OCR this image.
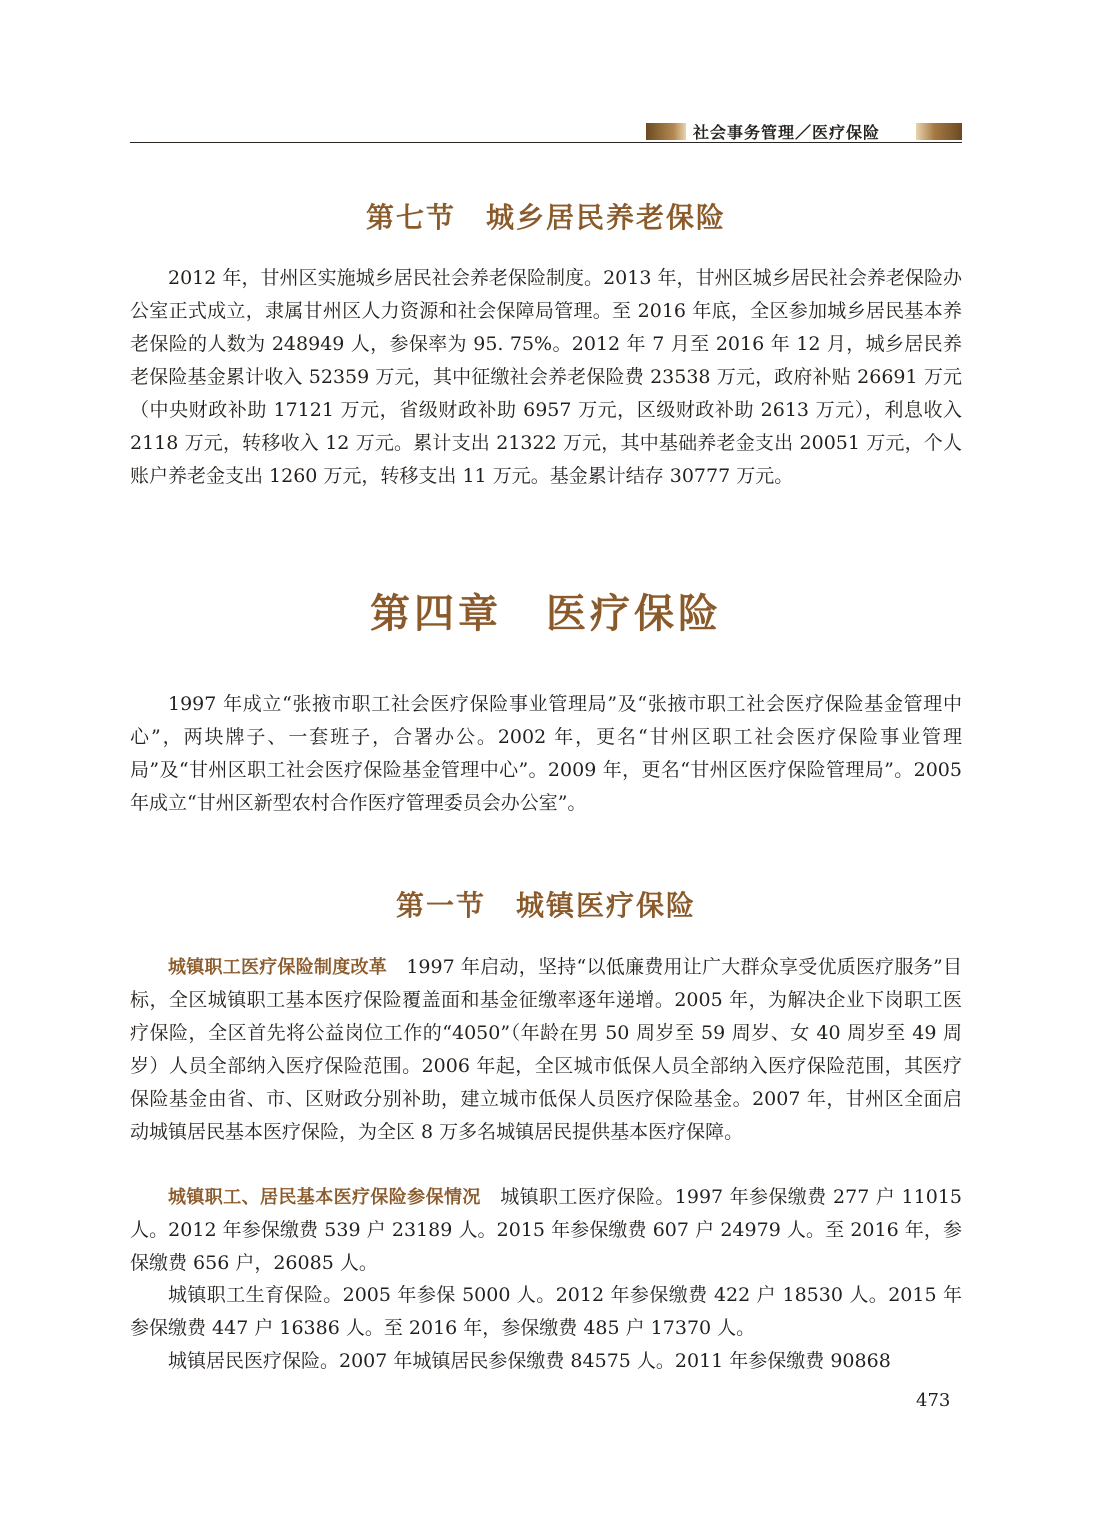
社会事务管理／医疗保险
第七节　城乡居民养老保险

2012 年，甘州区实施城乡居民社会养老保险制度。2013 年，甘州区城乡居民社会养老保险办公室正式成立，隶属甘州区人力资源和社会保障局管理。至 2016 年底，全区参加城乡居民基本养老保险的人数为 248949 人，参保率为 95. 75%。2012 年 7 月至 2016 年 12 月，城乡居民养老保险基金累计收入 52359 万元，其中征缴社会养老保险费 23538 万元，政府补贴 26691 万元（中央财政补助 17121 万元，省级财政补助 6957 万元，区级财政补助 2613 万元），利息收入 2118 万元，转移收入 12 万元。累计支出 21322 万元，其中基础养老金支出 20051 万元，个人账户养老金支出 1260 万元，转移支出 11 万元。基金累计结存 30777 万元。

第四章　医疗保险

1997 年成立“张掖市职工社会医疗保险事业管理局”及“张掖市职工社会医疗保险基金管理中心”，两块牌子、一套班子，合署办公。2002 年，更名“甘州区职工社会医疗保险事业管理局”及“甘州区职工社会医疗保险基金管理中心”。2009 年，更名“甘州区医疗保险管理局”。2005 年成立“甘州区新型农村合作医疗管理委员会办公室”。

第一节　城镇医疗保险

城镇职工医疗保险制度改革　1997 年启动，坚持“以低廉费用让广大群众享受优质医疗服务”目标，全区城镇职工基本医疗保险覆盖面和基金征缴率逐年递增。2005 年，为解决企业下岗职工医疗保险，全区首先将公益岗位工作的“4050”（年龄在男 50 周岁至 59 周岁、女 40 周岁至 49 周岁）人员全部纳入医疗保险范围。2006 年起，全区城市低保人员全部纳入医疗保险范围，其医疗保险基金由省、市、区财政分别补助，建立城市低保人员医疗保险基金。2007 年，甘州区全面启动城镇居民基本医疗保险，为全区 8 万多名城镇居民提供基本医疗保障。

城镇职工、居民基本医疗保险参保情况　城镇职工医疗保险。1997 年参保缴费 277 户 11015 人。2012 年参保缴费 539 户 23189 人。2015 年参保缴费 607 户 24979 人。至 2016 年，参保缴费 656 户，26085 人。

城镇职工生育保险。2005 年参保 5000 人。2012 年参保缴费 422 户 18530 人。2015 年参保缴费 447 户 16386 人。至 2016 年，参保缴费 485 户 17370 人。

城镇居民医疗保险。2007 年城镇居民参保缴费 84575 人。2011 年参保缴费 90868

473
